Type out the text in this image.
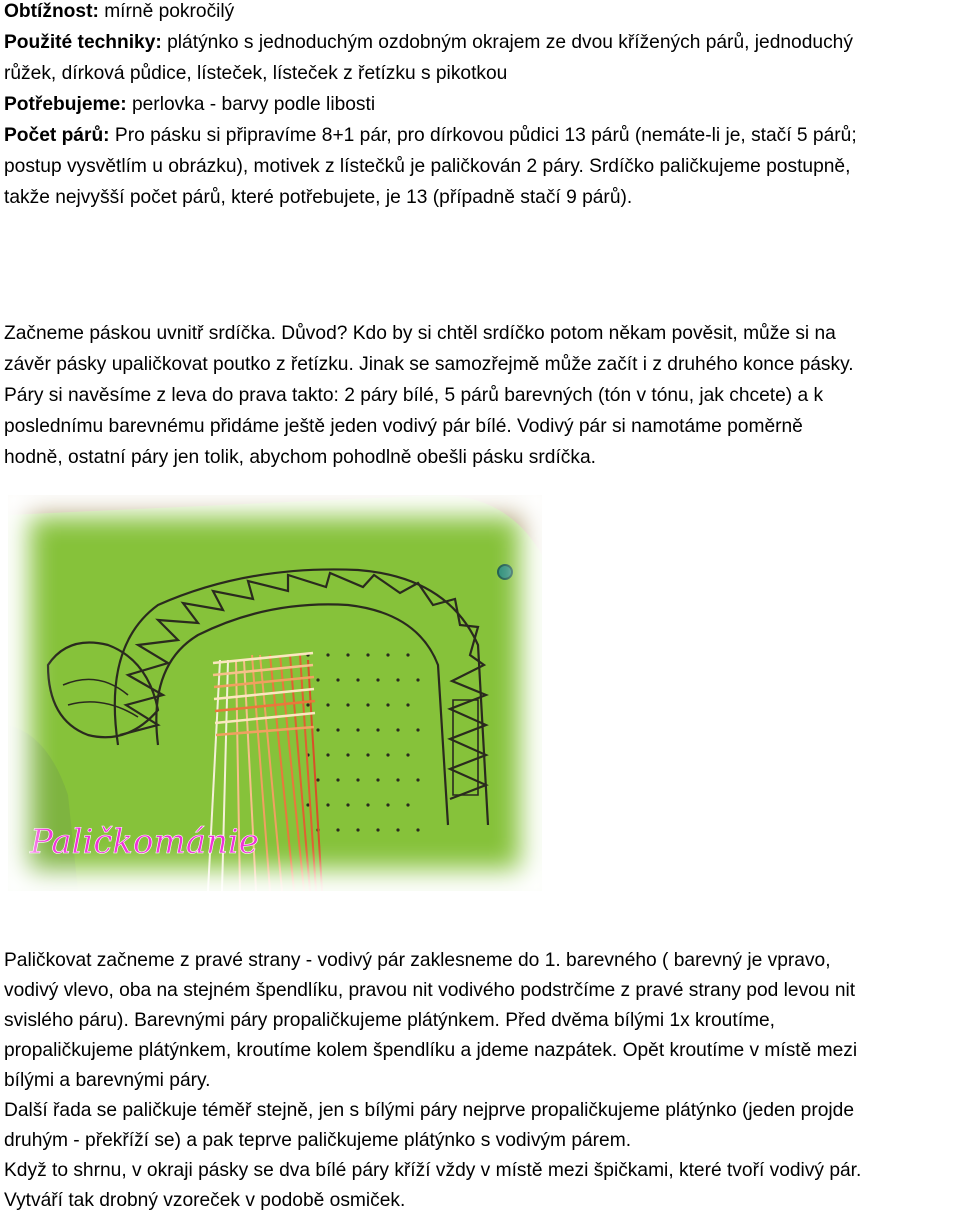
Obtížnost: mírně pokročilý
Použité techniky: plátýnko s jednoduchým ozdobným okrajem ze dvou křížených párů, jednoduchý
růžek, dírková půdice, lísteček, lísteček z řetízku s pikotkou
Potřebujeme: perlovka - barvy podle libosti
Počet párů: Pro pásku si připravíme 8+1 pár, pro dírkovou půdici 13 párů (nemáte-li je, stačí 5 párů;
postup vysvětlím u obrázku), motivek z lístečků je paličkován 2 páry. Srdíčko paličkujeme postupně,
takže nejvyšší počet párů, které potřebujete, je 13 (případně stačí 9 párů).
Začneme páskou uvnitř srdíčka. Důvod? Kdo by si chtěl srdíčko potom někam pověsit, může si na
závěr pásky upaličkovat poutko z řetízku. Jinak se samozřejmě může začít i z druhého konce pásky.
Páry si navěsíme z leva do prava takto: 2 páry bílé, 5 párů barevných (tón v tónu, jak chcete) a k
poslednímu barevnému přidáme ještě jeden vodivý pár bílé. Vodivý pár si namotáme poměrně
hodně, ostatní páry jen tolik, abychom pohodlně obešli pásku srdíčka.
Paličkománie
Paličkovat začneme z pravé strany - vodivý pár zaklesneme do 1. barevného ( barevný je vpravo,
vodivý vlevo, oba na stejném špendlíku, pravou nit vodivého podstrčíme z pravé strany pod levou nit
svislého páru). Barevnými páry propaličkujeme plátýnkem. Před dvěma bílými 1x kroutíme,
propaličkujeme plátýnkem, kroutíme kolem špendlíku a jdeme nazpátek. Opět kroutíme v místě mezi
bílými a barevnými páry.
Další řada se paličkuje téměř stejně, jen s bílými páry nejprve propaličkujeme plátýnko (jeden projde
druhým - překříží se) a pak teprve paličkujeme plátýnko s vodivým párem.
Když to shrnu, v okraji pásky se dva bílé páry kříží vždy v místě mezi špičkami, které tvoří vodivý pár.
Vytváří tak drobný vzoreček v podobě osmiček.
